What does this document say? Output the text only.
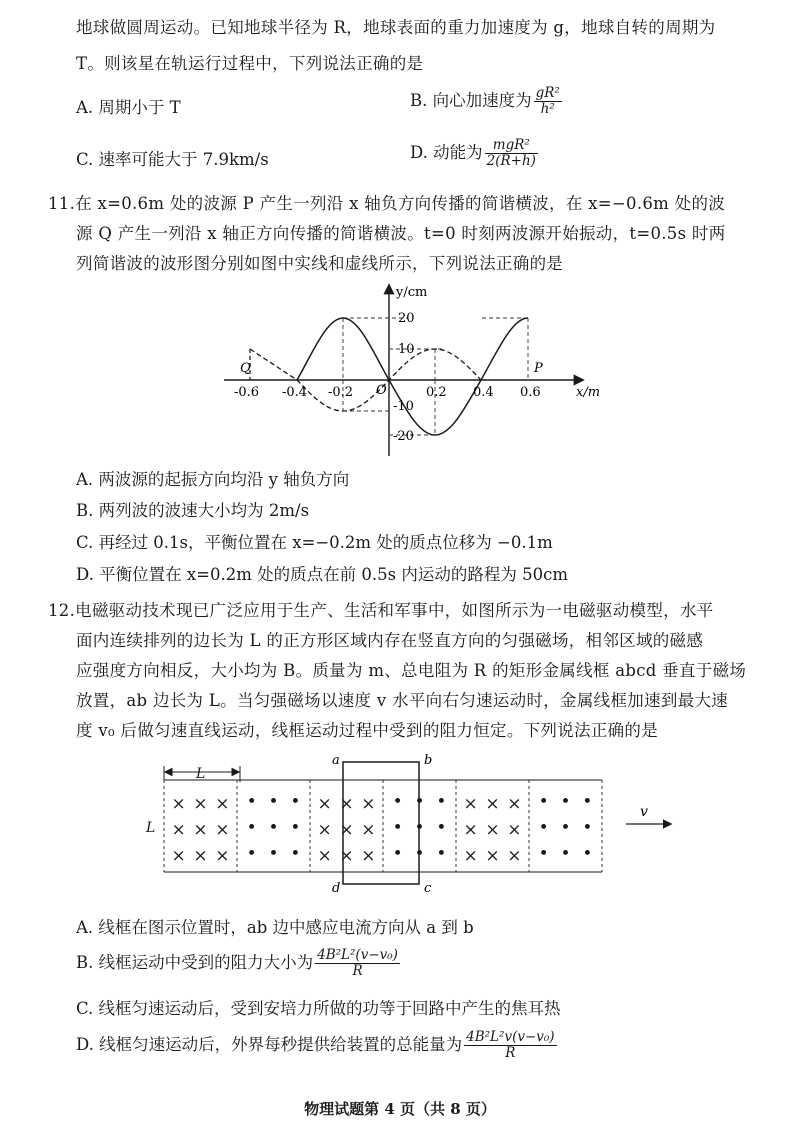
地球做圆周运动。已知地球半径为 R，地球表面的重力加速度为 g，地球自转的周期为
T。则该星在轨运行过程中，下列说法正确的是
A. 周期小于 T	B. 向心加速度为 $\frac{\text{gR²}}{\text{h²}}$
C. 速率可能大于 7.9km/s	D. 动能为 $\frac{\text{mgR²}}{2(R+h)}$
11.在 x=0.6m 处的波源 P 产生一列沿 x 轴负方向传播的简谐横波，在 x=−0.6m 处的波
源 Q 产生一列沿 x 轴正方向传播的简谐横波。t=0 时刻两波源开始振动，t=0.5s 时两
列简谐波的波形图分别如图中实线和虚线所示，下列说法正确的是
y/cm
x/m
O
Q	P
-0.6 -0.4 -0.2	0.2 0.4 0.6
20
10
-10
-20
A. 两波源的起振方向均沿 y 轴负方向
B. 两列波的波速大小均为 2m/s
C. 再经过 0.1s，平衡位置在 x=−0.2m 处的质点位移为 −0.1m
D. 平衡位置在 x=0.2m 处的质点在前 0.5s 内运动的路程为 50cm
12.电磁驱动技术现已广泛应用于生产、生活和军事中，如图所示为一电磁驱动模型，水平
面内连续排列的边长为 L 的正方形区域内存在竖直方向的匀强磁场，相邻区域的磁感
应强度方向相反，大小均为 B。质量为 m、总电阻为 R 的矩形金属线框 abcd 垂直于磁场
放置，ab 边长为 L。当匀强磁场以速度 v 水平向右匀速运动时，金属线框加速到最大速
度 v₀ 后做匀速直线运动，线框运动过程中受到的阻力恒定。下列说法正确的是
L
L
×
×
×
×
×
×
×
×
×
•
•
•
•
•
•
•
•
•
×
×
×
×
×
×
×
×
×
•
•
•
•
•
•
•
•
•
×
×
×
×
×
×
×
×
×
•
•
•
•
•
•
•
•
•
a	b
d	c
v
A. 线框在图示位置时，ab 边中感应电流方向从 a 到 b
B. 线框运动中受到的阻力大小为 $\frac{\text{4B²L²(v−v₀)}}{R}$
C. 线框匀速运动后，受到安培力所做的功等于回路中产生的焦耳热
D. 线框匀速运动后，外界每秒提供给装置的总能量为 $\frac{\text{4B²L²v(v−v₀)}}{R}$
物理试题第 4 页（共 8 页）
